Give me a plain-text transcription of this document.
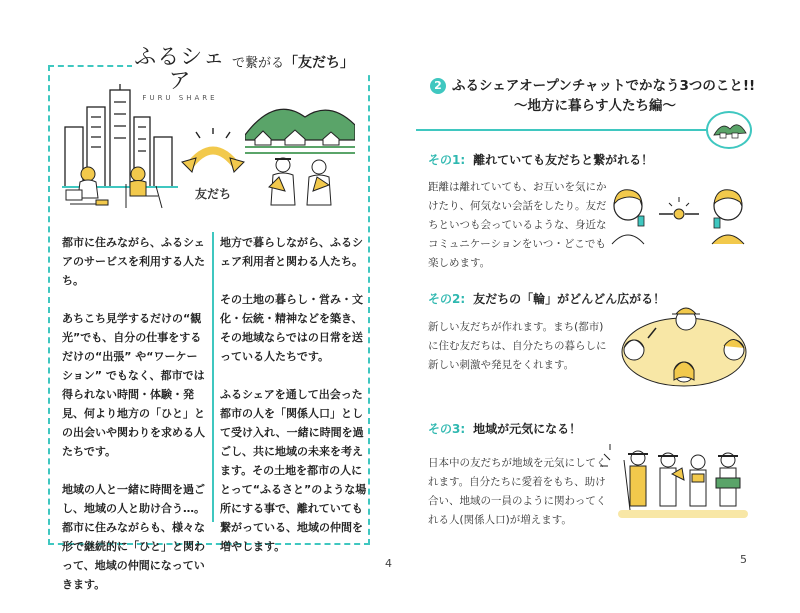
ふるシェア
FURU SHARE
で繋がる「友だち」
友だち

都市に住みながら、ふるシェアのサービスを利用する人たち。

あちこち見学するだけの“観光”でも、自分の仕事をするだけの“出張” や“ワーケーション” でもなく、都市では得られない時間・体験・発見、何より地方の「ひと」との出会いや関わりを求める人たちです。

地域の人と一緒に時間を過ごし、地域の人と助け合う…。都市に住みながらも、様々な形で継続的に「ひと」と関わって、地域の仲間になっていきます。

地方で暮らしながら、ふるシェア利用者と関わる人たち。

その土地の暮らし・営み・文化・伝統・精神などを築き、その地域ならではの日常を送っている人たちです。

ふるシェアを通して出会った都市の人を「関係人口」として受け入れ、一緒に時間を過ごし、共に地域の未来を考えます。その土地を都市の人にとって“ふるさと”のような場所にする事で、離れていても繋がっている、地域の仲間を増やします。

4
2 ふるシェアオープンチャットでかなう3つのこと!!
〜地方に暮らす人たち編〜
その1: 離れていても友だちと繋がれる！
距離は離れていても、お互いを気にかけたり、何気ない会話をしたり。友だちといつも会っているような、身近なコミュニケーションをいつ・どこでも楽しめます。
その2: 友だちの「輪」がどんどん広がる！
新しい友だちが作れます。まち(都市)に住む友だちは、自分たちの暮らしに新しい刺激や発見をくれます。
その3: 地域が元気になる！
日本中の友だちが地域を元気にしてくれます。自分たちに愛着をもち、助け合い、地域の一員のように関わってくれる人(関係人口)が増えます。
5
